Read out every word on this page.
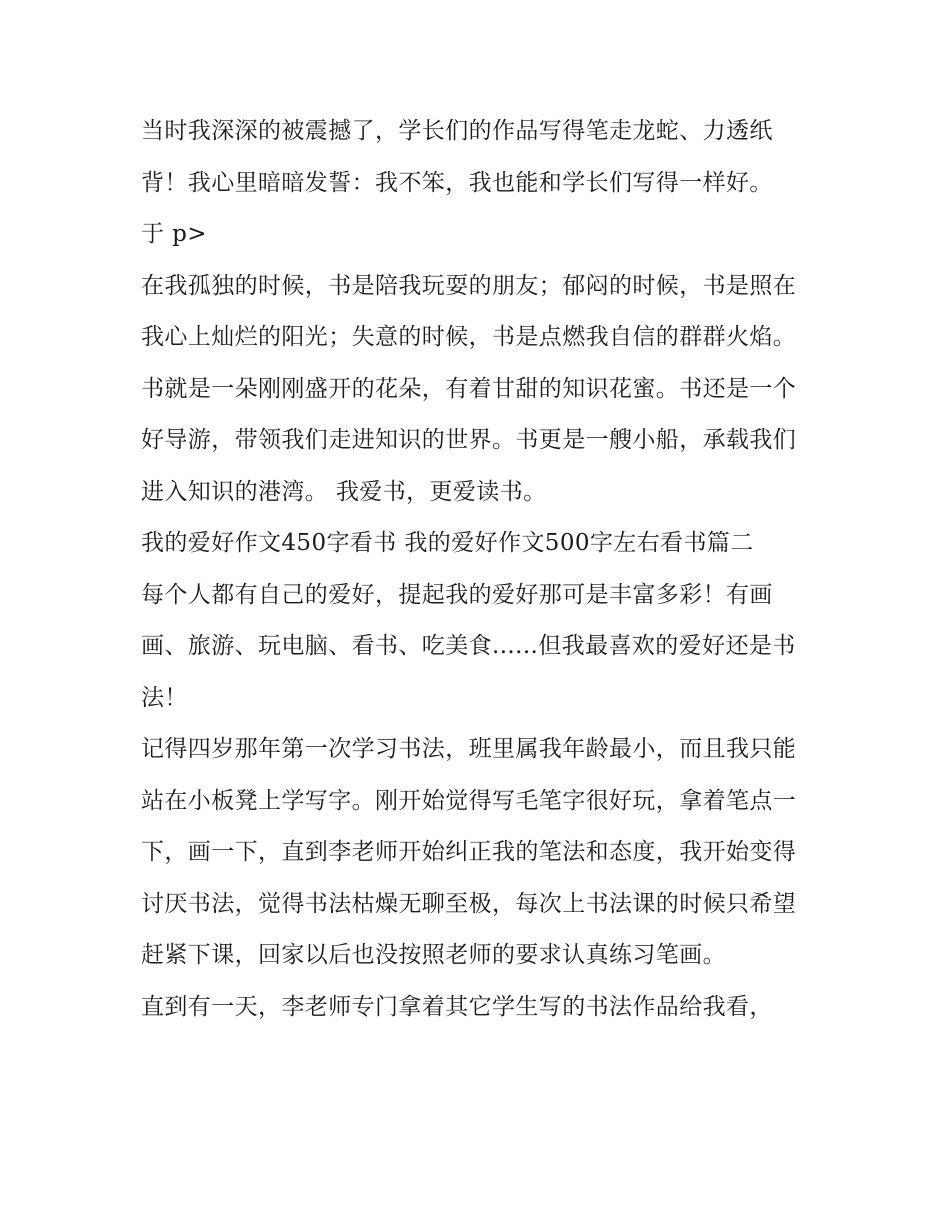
当时我深深的被震撼了，学长们的作品写得笔走龙蛇、力透纸背！我心里暗暗发誓：我不笨，我也能和学长们写得一样好。

于 p>

在我孤独的时候，书是陪我玩耍的朋友；郁闷的时候，书是照在我心上灿烂的阳光；失意的时候，书是点燃我自信的群群火焰。

书就是一朵刚刚盛开的花朵，有着甘甜的知识花蜜。书还是一个好导游，带领我们走进知识的世界。书更是一艘小船，承载我们进入知识的港湾。 我爱书，更爱读书。

我的爱好作文450字看书 我的爱好作文500字左右看书篇二

每个人都有自己的爱好，提起我的爱好那可是丰富多彩！有画画、旅游、玩电脑、看书、吃美食......但我最喜欢的爱好还是书法！

记得四岁那年第一次学习书法，班里属我年龄最小，而且我只能站在小板凳上学写字。刚开始觉得写毛笔字很好玩，拿着笔点一下，画一下，直到李老师开始纠正我的笔法和态度，我开始变得讨厌书法，觉得书法枯燥无聊至极，每次上书法课的时候只希望赶紧下课，回家以后也没按照老师的要求认真练习笔画。

直到有一天，李老师专门拿着其它学生写的书法作品给我看，
